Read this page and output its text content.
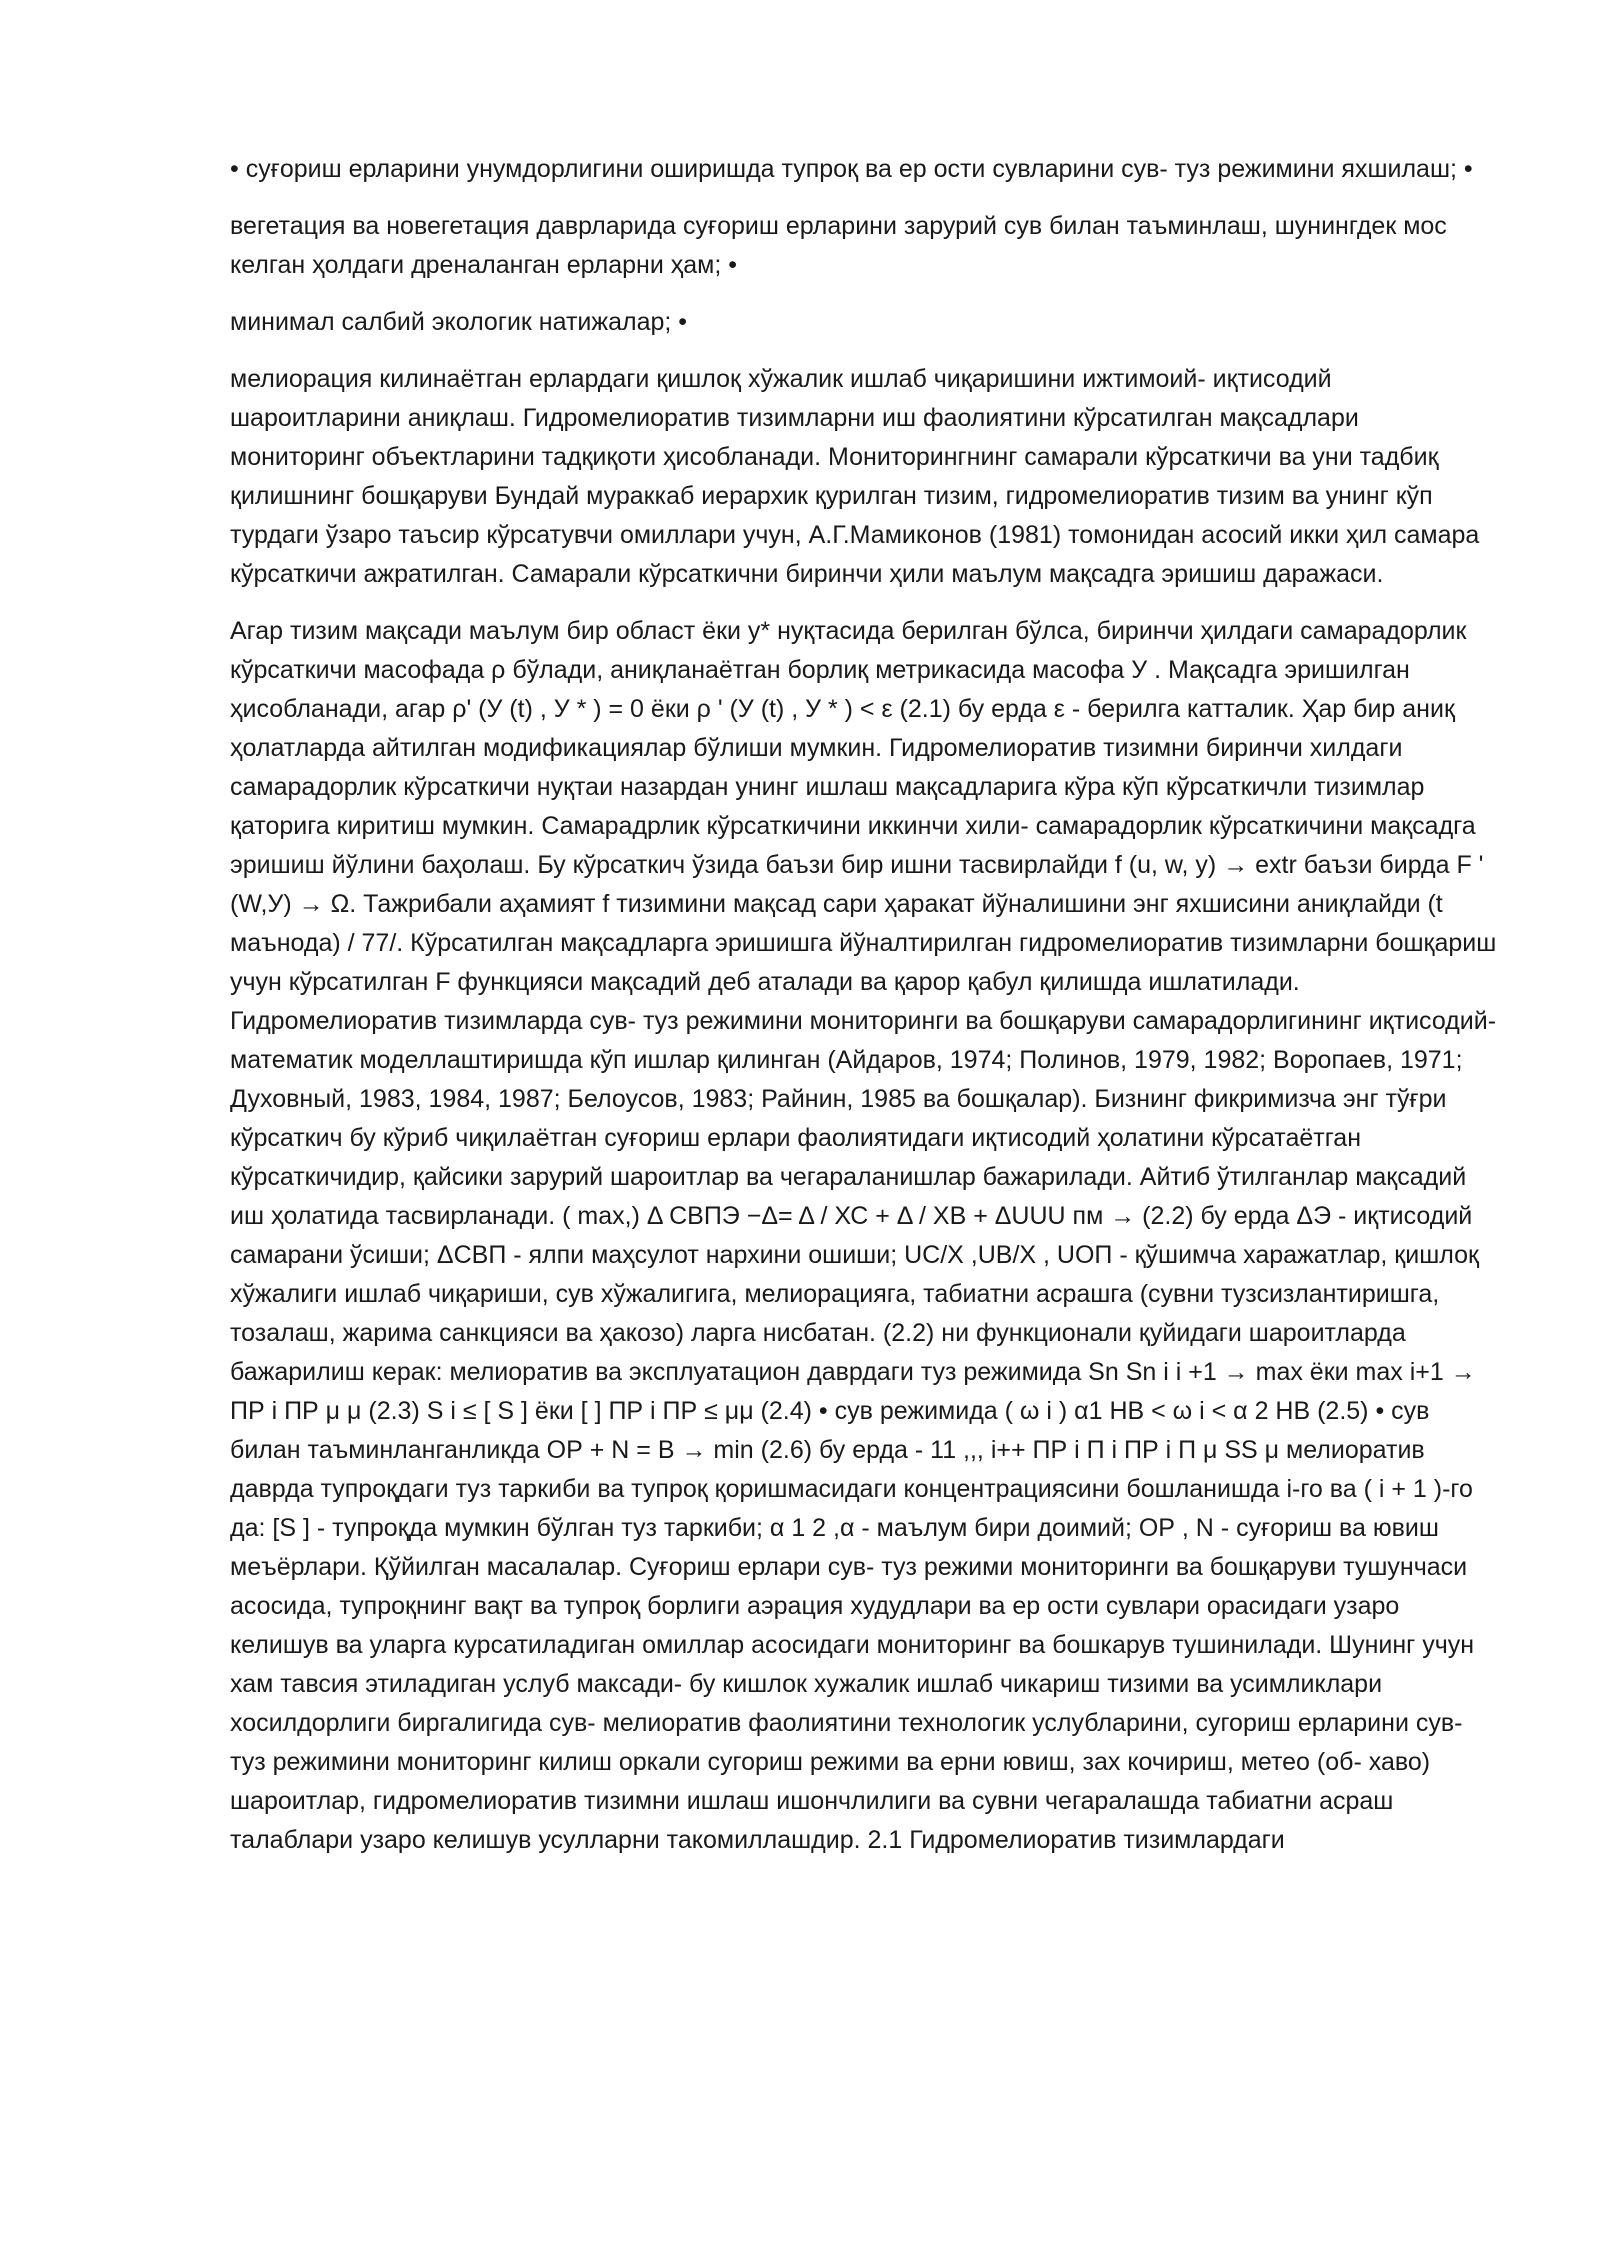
• суғориш ерларини унумдорлигини оширишда тупроқ ва ер ости сувларини сув- туз режимини яхшилаш; •

вегетация ва новегетация даврларида суғориш ерларини зарурий сув билан таъминлаш, шунингдек мос келган ҳолдаги дреналанган ерларни ҳам; •

минимал салбий экологик натижалар; •

мелиорация килинаётган ерлардаги қишлоқ хўжалик ишлаб чиқаришини ижтимоий- иқтисодий шароитларини аниқлаш. Гидромелиоратив тизимларни иш фаолиятини кўрсатилган мақсадлари мониторинг объектларини тадқиқоти ҳисобланади. Мониторингнинг самарали кўрсаткичи ва уни тадбиқ қилишнинг бошқаруви Бундай мураккаб иерархик қурилган тизим, гидромелиоратив тизим ва унинг кўп турдаги ўзаро таъсир кўрсатувчи омиллари учун, А.Г.Мамиконов (1981) томонидан асосий икки ҳил самара кўрсаткичи ажратилган. Самарали кўрсаткични биринчи ҳили маълум мақсадга эришиш даражаси.

Агар тизим мақсади маълум бир област ёки у* нуқтасида берилган бўлса, биринчи ҳилдаги самарадорлик кўрсаткичи масофада ρ бўлади, аниқланаётган борлиқ метрикасида масофа У . Мақсадга эришилган ҳисобланади, агар ρ' (У (t) , У * ) = 0 ёки ρ ' (У (t) , У * ) < ε (2.1) бу ерда ε - берилга катталик. Ҳар бир аниқ ҳолатларда айтилган модификациялар бўлиши мумкин. Гидромелиоратив тизимни биринчи хилдаги самарадорлик кўрсаткичи нуқтаи назардан унинг ишлаш мақсадларига кўра кўп кўрсаткичли тизимлар қаторига киритиш мумкин. Самарадрлик кўрсаткичини иккинчи хили- самарадорлик кўрсаткичини мақсадга эришиш йўлини баҳолаш. Бу кўрсаткич ўзида баъзи бир ишни тасвирлайди f (u, w, y) → extr баъзи бирда F ' (W,У) → Ω. Тажрибали аҳамият f тизимини мақсад сари ҳаракат йўналишини энг яхшисини аниқлайди (t маънода) / 77/. Кўрсатилган мақсадларга эришишга йўналтирилган гидромелиоратив тизимларни бошқариш учун кўрсатилган F функцияси мақсадий деб аталади ва қарор қабул қилишда ишлатилади. Гидромелиоратив тизимларда сув- туз режимини мониторинги ва бошқаруви самарадорлигининг иқтисодий- математик моделлаштиришда кўп ишлар қилинган (Айдаров, 1974; Полинов, 1979, 1982; Воропаев, 1971; Духовный, 1983, 1984, 1987; Белоусов, 1983; Райнин, 1985 ва бошқалар). Бизнинг фикримизча энг тўғри кўрсаткич бу кўриб чиқилаётган суғориш ерлари фаолиятидаги иқтисодий ҳолатини кўрсатаётган кўрсаткичидир, қайсики зарурий шароитлар ва чегараланишлар бажарилади. Айтиб ўтилганлар мақсадий иш ҳолатида тасвирланади. ( max,) Δ СВПЭ −Δ= Δ / ХС + Δ / ХВ + ΔUUU пм → (2.2) бу ерда ΔЭ - иқтисодий самарани ўсиши; ΔСВП - ялпи маҳсулот нархини ошиши; UC/Х ,UB/Х , UОП - қўшимча харажатлар, қишлоқ хўжалиги ишлаб чиқариши, сув хўжалигига, мелиорацияга, табиатни асрашга (сувни тузсизлантиришга, тозалаш, жарима санкцияси ва ҳакозо) ларга нисбатан. (2.2) ни функционали қуйидаги шароитларда бажарилиш керак: мелиоратив ва эксплуатацион даврдаги туз режимида Sn Sn i i +1 → max ёки max i+1 → ПР i ПР μ μ (2.3) S i ≤ [ S ] ёки [ ] ПР i ПР ≤ μμ (2.4) • сув режимида ( ω i ) α1 НВ < ω i < α 2 НВ (2.5) • сув билан таъминланганликда ОР + N = В → min (2.6) бу ерда - 11 ,,, i++ ПР i П i ПР i П μ SS μ мелиоратив даврда тупроқдаги туз таркиби ва тупроқ қоришмасидаги концентрациясини бошланишда i-го ва ( i + 1 )-го да: [S ] - тупроқда мумкин бўлган туз таркиби; α 1 2 ,α - маълум бири доимий; ОР , N - суғориш ва ювиш меъёрлари. Қўйилган масалалар. Суғориш ерлари сув- туз режими мониторинги ва бошқаруви тушунчаси асосида, тупроқнинг вақт ва тупроқ борлиги аэрация худудлари ва ер ости сувлари орасидаги узаро келишув ва уларга курсатиладиган омиллар асосидаги мониторинг ва бошкарув тушинилади. Шунинг учун хам тавсия этиладиган услуб максади- бу кишлок хужалик ишлаб чикариш тизими ва усимликлари хосилдорлиги биргалигида сув- мелиоратив фаолиятини технологик услубларини, сугориш ерларини сув- туз режимини мониторинг килиш оркали сугориш режими ва ерни ювиш, зах кочириш, метео (об- хаво) шароитлар, гидромелиоратив тизимни ишлаш ишончлилиги ва сувни чегаралашда табиатни асраш талаблари узаро келишув усулларни такомиллашдир. 2.1 Гидромелиоратив тизимлардаги
